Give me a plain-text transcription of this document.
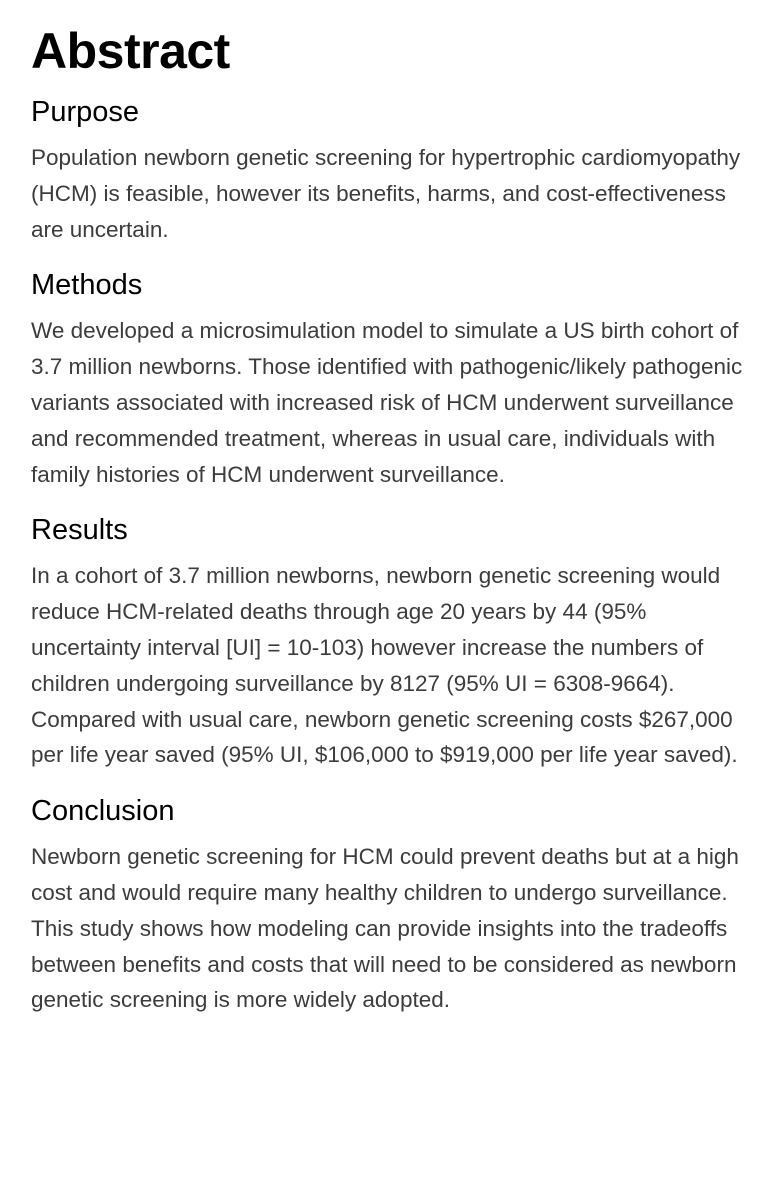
Abstract
Purpose

Population newborn genetic screening for hypertrophic cardiomyopathy (HCM) is feasible, however its benefits, harms, and cost-effectiveness are uncertain.

Methods

We developed a microsimulation model to simulate a US birth cohort of 3.7 million newborns. Those identified with pathogenic/likely pathogenic variants associated with increased risk of HCM underwent surveillance and recommended treatment, whereas in usual care, individuals with family histories of HCM underwent surveillance.

Results

In a cohort of 3.7 million newborns, newborn genetic screening would reduce HCM-related deaths through age 20 years by 44 (95% uncertainty interval [UI] = 10-103) however increase the numbers of children undergoing surveillance by 8127 (95% UI = 6308-9664). Compared with usual care, newborn genetic screening costs $267,000 per life year saved (95% UI, $106,000 to $919,000 per life year saved).

Conclusion

Newborn genetic screening for HCM could prevent deaths but at a high cost and would require many healthy children to undergo surveillance. This study shows how modeling can provide insights into the tradeoffs between benefits and costs that will need to be considered as newborn genetic screening is more widely adopted.
